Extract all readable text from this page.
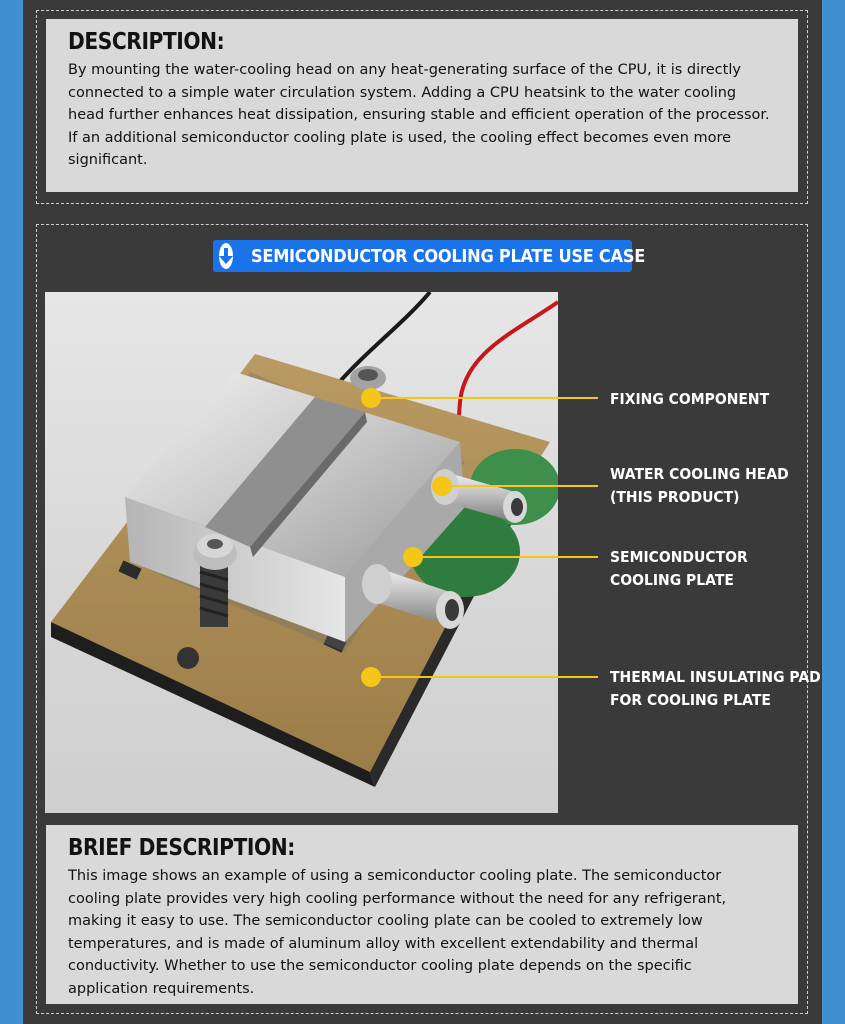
DESCRIPTION:

By mounting the water-cooling head on any heat-generating surface of the CPU, it is directly connected to a simple water circulation system. Adding a CPU heatsink to the water cooling head further enhances heat dissipation, ensuring stable and efficient operation of the processor. If an additional semiconductor cooling plate is used, the cooling effect becomes even more significant.

SEMICONDUCTOR COOLING PLATE USE CASE
FIXING COMPONENT
WATER COOLING HEAD
(THIS PRODUCT)
SEMICONDUCTOR
COOLING PLATE
THERMAL INSULATING PAD
FOR COOLING PLATE
BRIEF DESCRIPTION:

This image shows an example of using a semiconductor cooling plate. The semiconductor cooling plate provides very high cooling performance without the need for any refrigerant, making it easy to use. The semiconductor cooling plate can be cooled to extremely low temperatures, and is made of aluminum alloy with excellent extendability and thermal conductivity. Whether to use the semiconductor cooling plate depends on the specific application requirements.
